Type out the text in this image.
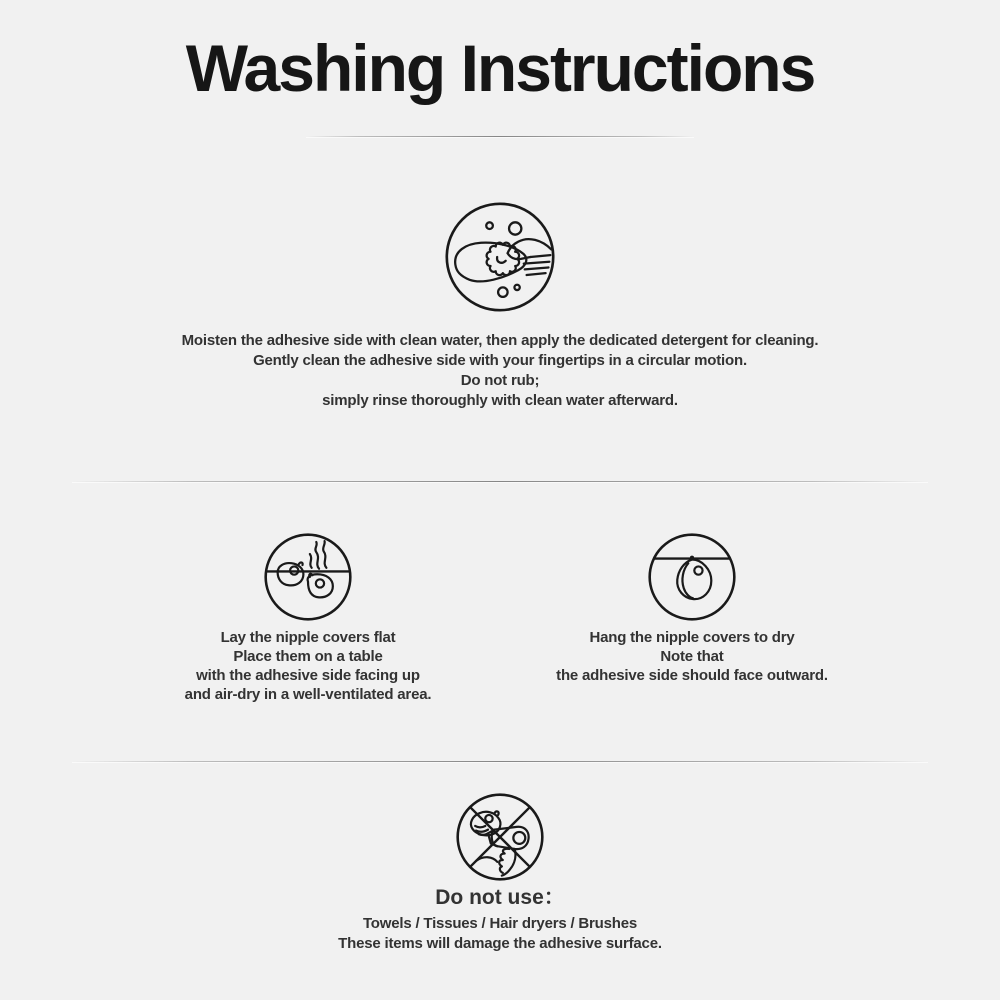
Washing Instructions
Moisten the adhesive side with clean water, then apply the dedicated detergent for cleaning.
Gently clean the adhesive side with your fingertips in a circular motion.
Do not rub;
simply rinse thoroughly with clean water afterward.
Lay the nipple covers flat
Place them on a table
with the adhesive side facing up
and air-dry in a well-ventilated area.
Hang the nipple covers to dry
Note that
the adhesive side should face outward.
Do not use：
Towels / Tissues / Hair dryers / Brushes
These items will damage the adhesive surface.
